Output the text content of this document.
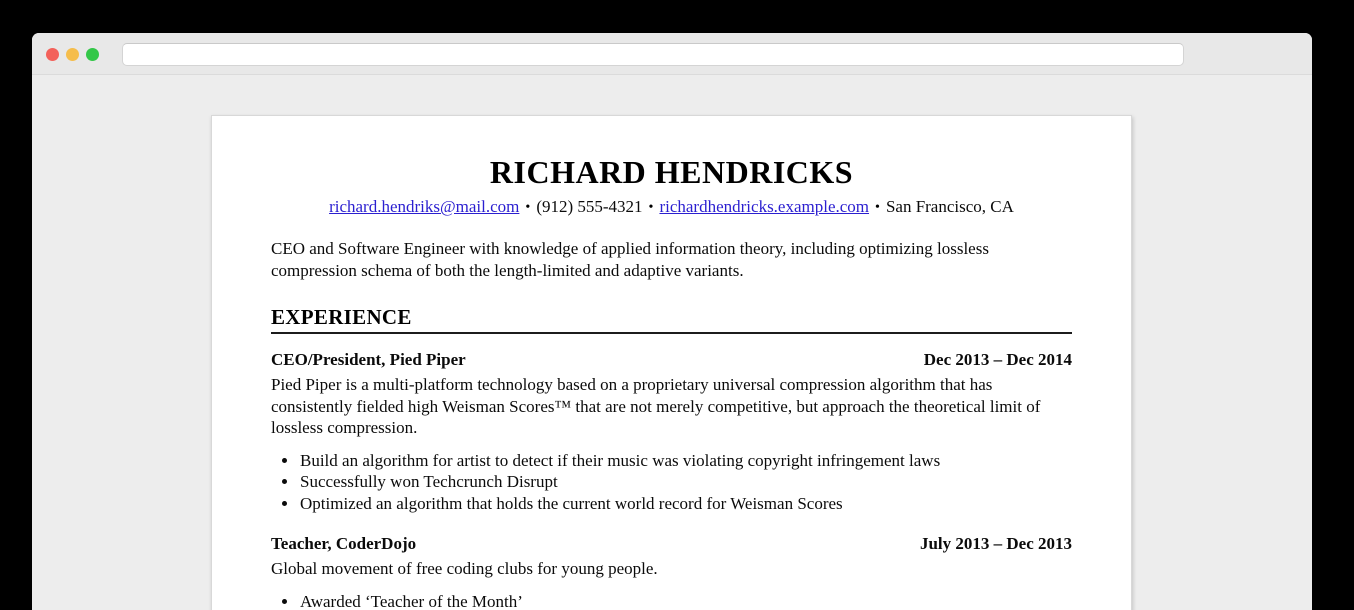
RICHARD HENDRICKS
richard.hendriks@mail.com • (912) 555-4321 • richardhendricks.example.com • San Francisco, CA

CEO and Software Engineer with knowledge of applied information theory, including optimizing lossless compression schema of both the length-limited and adaptive variants.

EXPERIENCE
CEO/President, Pied Piper	Dec 2013 – Dec 2014

Pied Piper is a multi-platform technology based on a proprietary universal compression algorithm that has consistently fielded high Weisman Scores™ that are not merely competitive, but approach the theoretical limit of lossless compression.

• Build an algorithm for artist to detect if their music was violating copyright infringement laws
• Successfully won Techcrunch Disrupt
• Optimized an algorithm that holds the current world record for Weisman Scores
Teacher, CoderDojo	July 2013 – Dec 2013

Global movement of free coding clubs for young people.

• Awarded ‘Teacher of the Month’
